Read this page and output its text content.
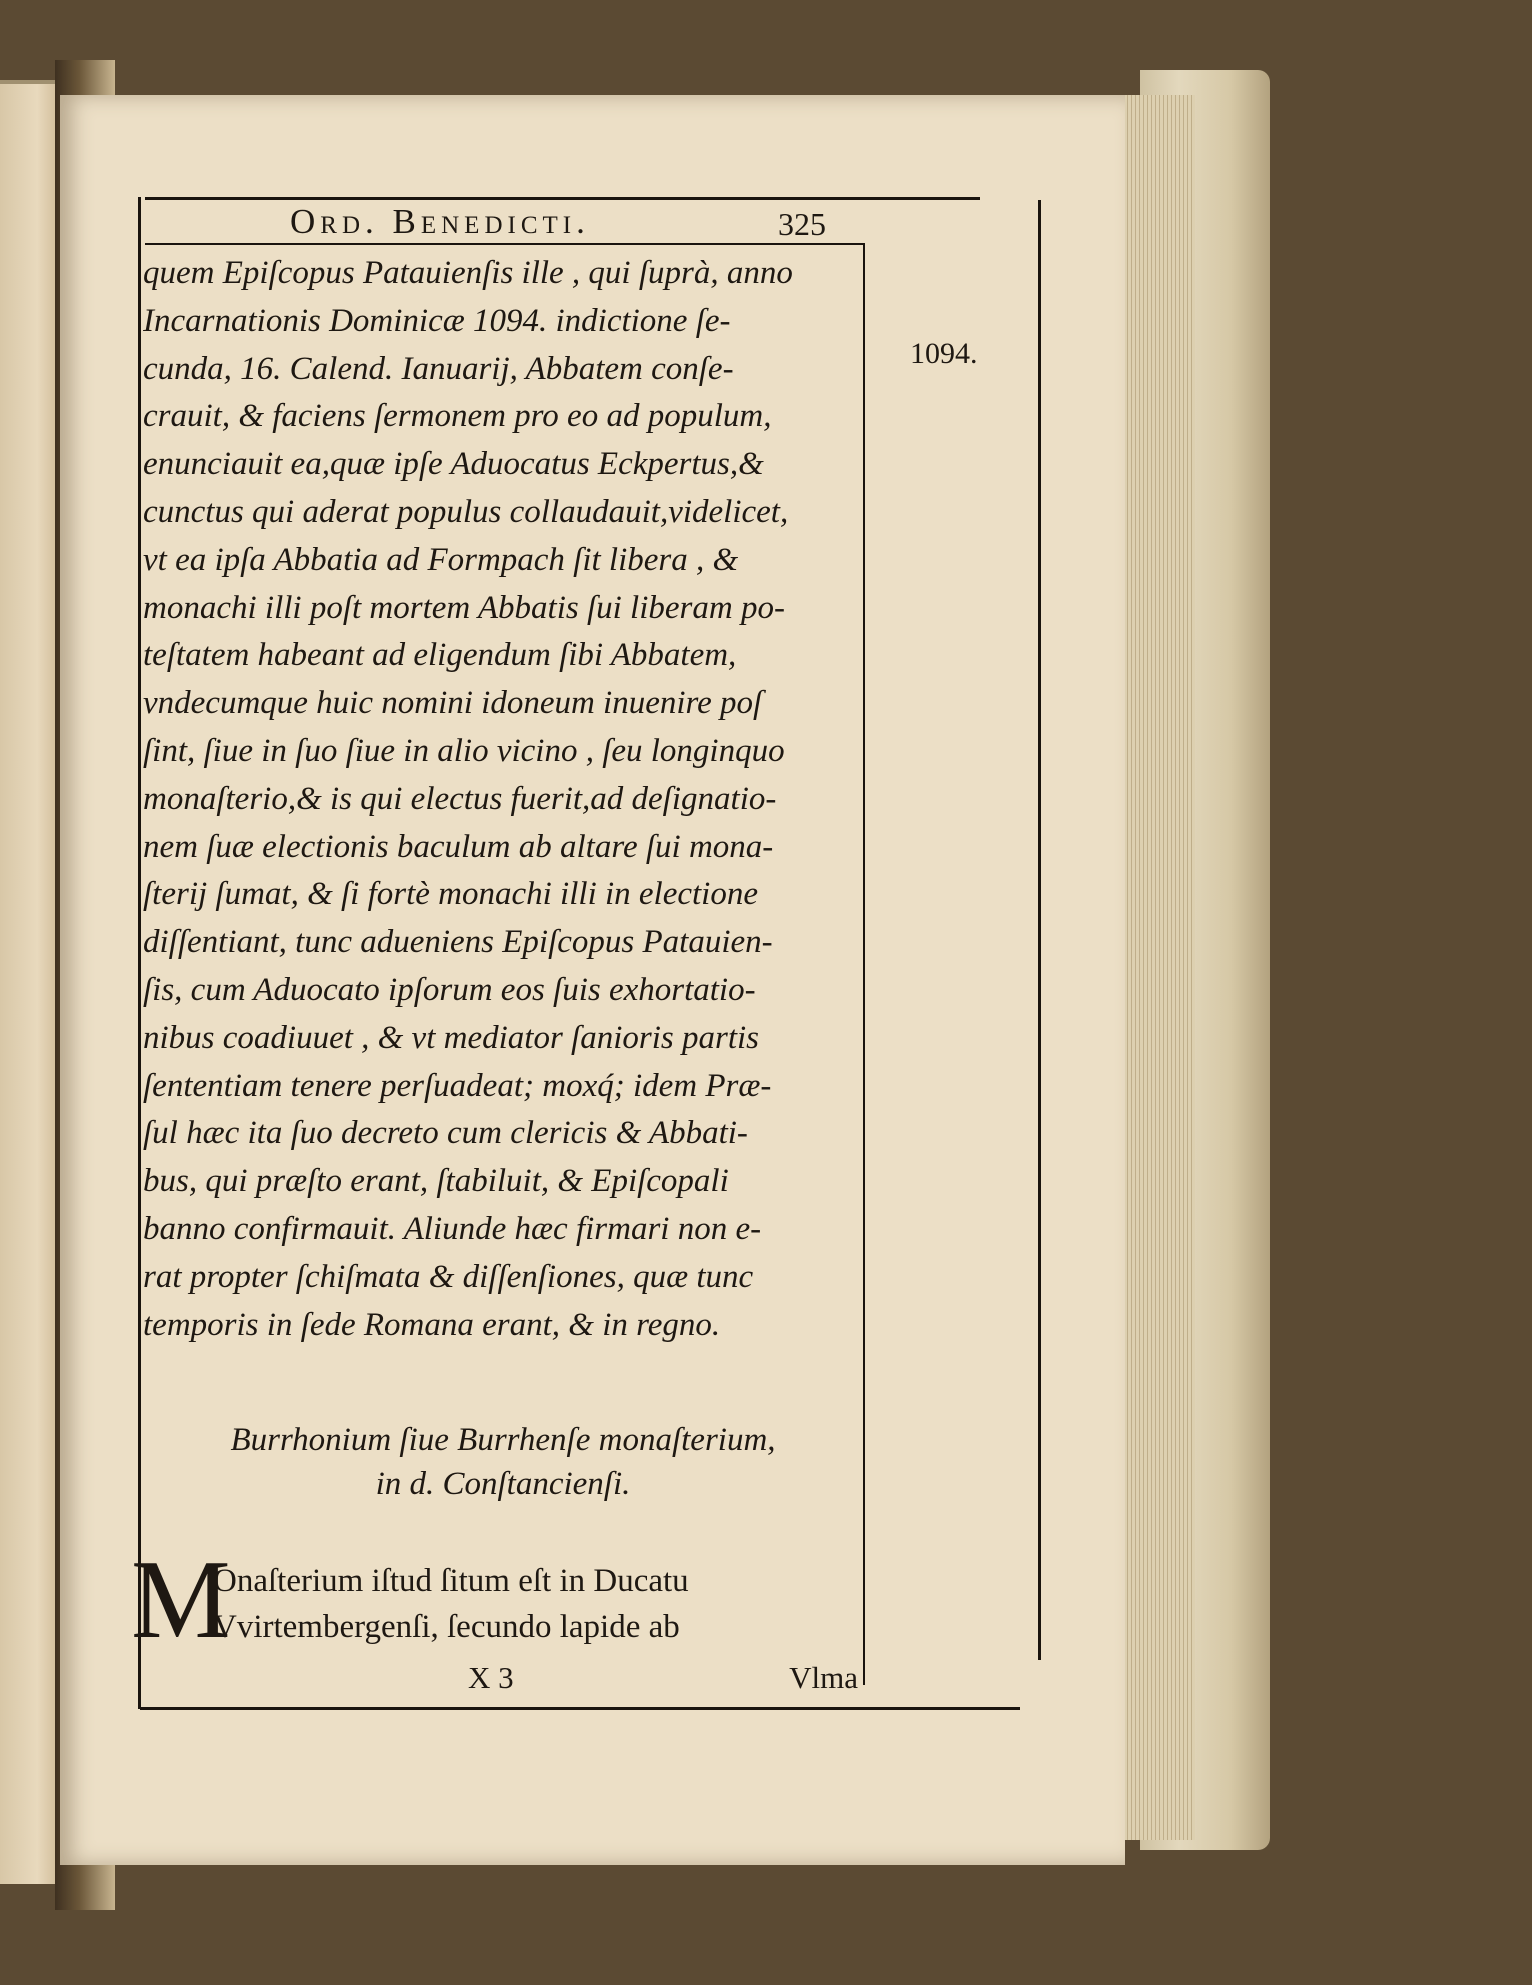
Ord. Benedicti.	325
1094.
quem Epiſcopus Patauienſis ille , qui ſuprà, anno
Incarnationis Dominicæ 1094. indictione ſe-
cunda, 16. Calend. Ianuarij, Abbatem conſe-
crauit, & faciens ſermonem pro eo ad populum,
enunciauit ea,quæ ipſe Aduocatus Eckpertus,&
cunctus qui aderat populus collaudauit,videlicet,
vt ea ipſa Abbatia ad Formpach ſit libera , &
monachi illi poſt mortem Abbatis ſui liberam po-
teſtatem habeant ad eligendum ſibi Abbatem,
vndecumque huic nomini idoneum inuenire poſ
ſint, ſiue in ſuo ſiue in alio vicino , ſeu longinquo
monaſterio,& is qui electus fuerit,ad deſignatio-
nem ſuæ electionis baculum ab altare ſui mona-
ſterij ſumat, & ſi fortè monachi illi in electione
diſſentiant, tunc adueniens Epiſcopus Patauien-
ſis, cum Aduocato ipſorum eos ſuis exhortatio-
nibus coadiuuet , & vt mediator ſanioris partis
ſententiam tenere perſuadeat; moxq́; idem Præ-
ſul hæc ita ſuo decreto cum clericis & Abbati-
bus, qui præſto erant, ſtabiluit, & Epiſcopali
banno confirmauit. Aliunde hæc firmari non e-
rat propter ſchiſmata & diſſenſiones, quæ tunc
temporis in ſede Romana erant, & in regno.
Burrhonium ſiue Burrhenſe monaſterium,
in d. Conſtancienſi.
M
Onaſterium iſtud ſitum eſt in Ducatu
Vvirtembergenſi, ſecundo lapide ab
X 3	Vlma
